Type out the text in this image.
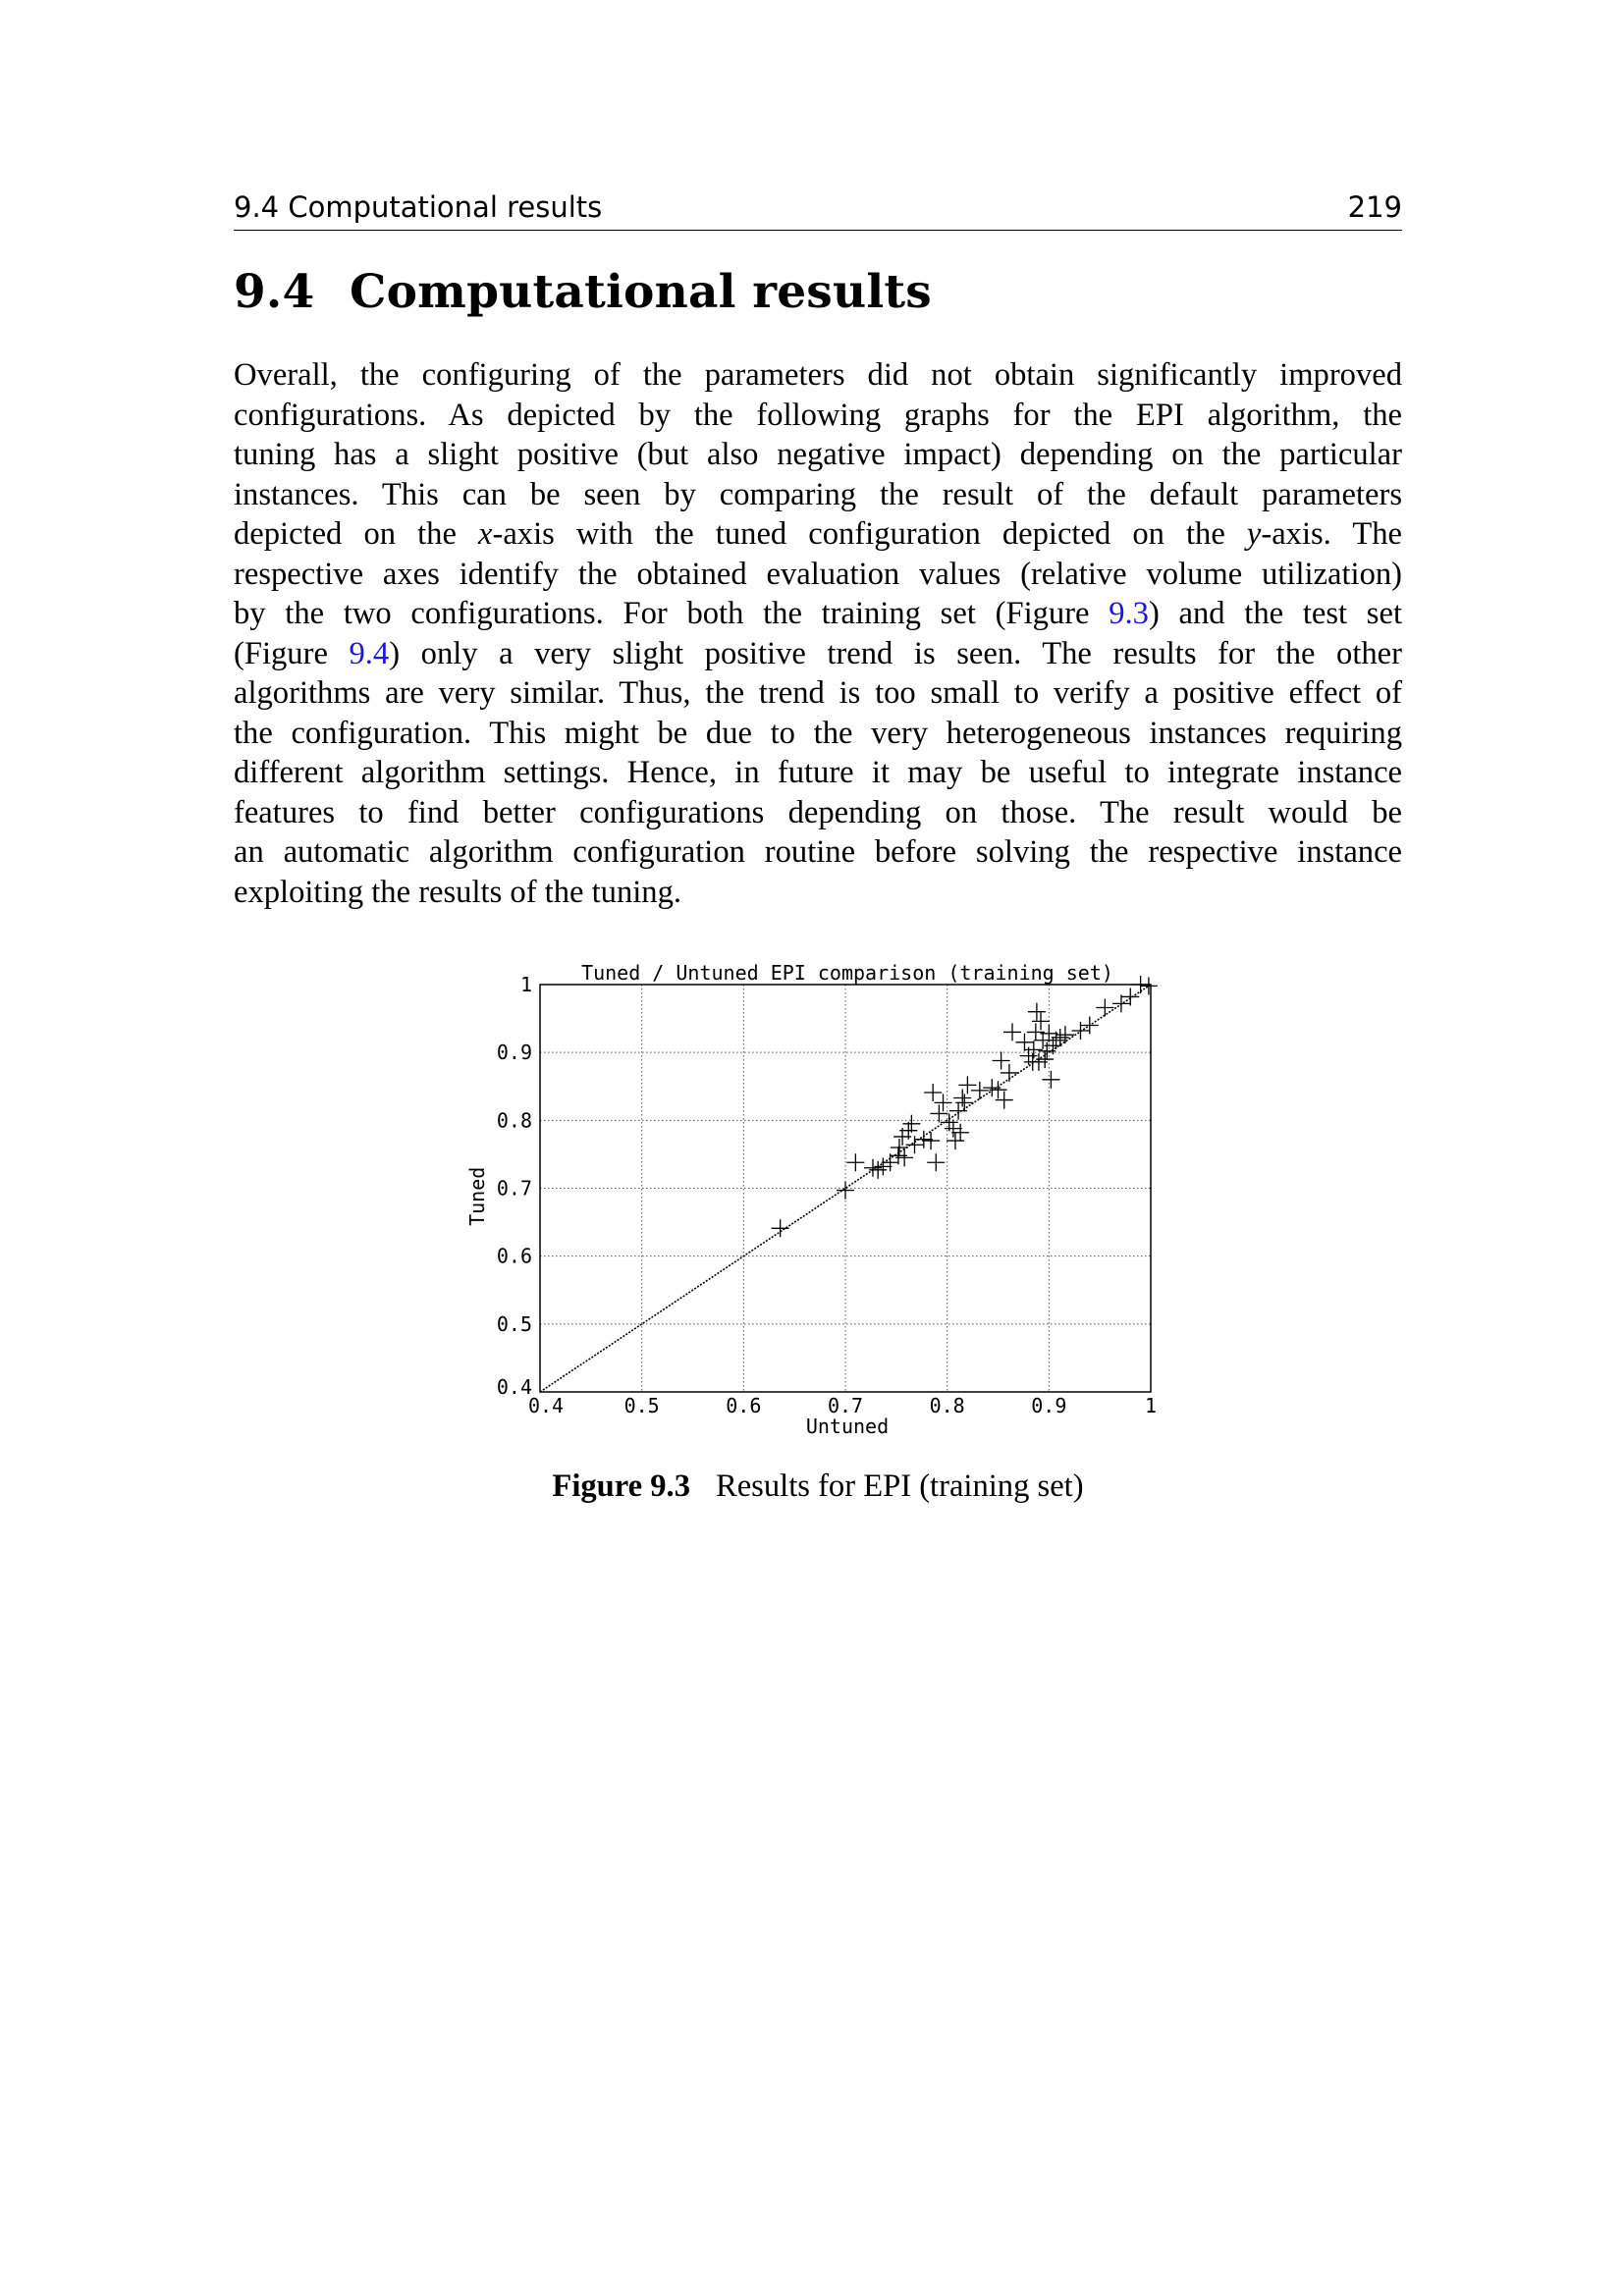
9.4 Computational results	219
9.4 Computational results

Overall, the configuring of the parameters did not obtain significantly improved
configurations. As depicted by the following graphs for the EPI algorithm, the
tuning has a slight positive (but also negative impact) depending on the particular
instances. This can be seen by comparing the result of the default parameters
depicted on the x-axis with the tuned configuration depicted on the y-axis. The
respective axes identify the obtained evaluation values (relative volume utilization)
by the two configurations. For both the training set (Figure 9.3) and the test set
(Figure 9.4) only a very slight positive trend is seen. The results for the other
algorithms are very similar. Thus, the trend is too small to verify a positive effect of
the configuration. This might be due to the very heterogeneous instances requiring
different algorithm settings. Hence, in future it may be useful to integrate instance
features to find better configurations depending on those. The result would be
an automatic algorithm configuration routine before solving the respective instance
exploiting the results of the tuning.

0.4	0.5	0.6	0.7	0.8	0.9	1
0.4
0.5
0.6
0.7
0.8
0.9
1	Tuned / Untuned EPI comparison (training set)
Untuned
Tuned
Figure 9.3 Results for EPI (training set)
